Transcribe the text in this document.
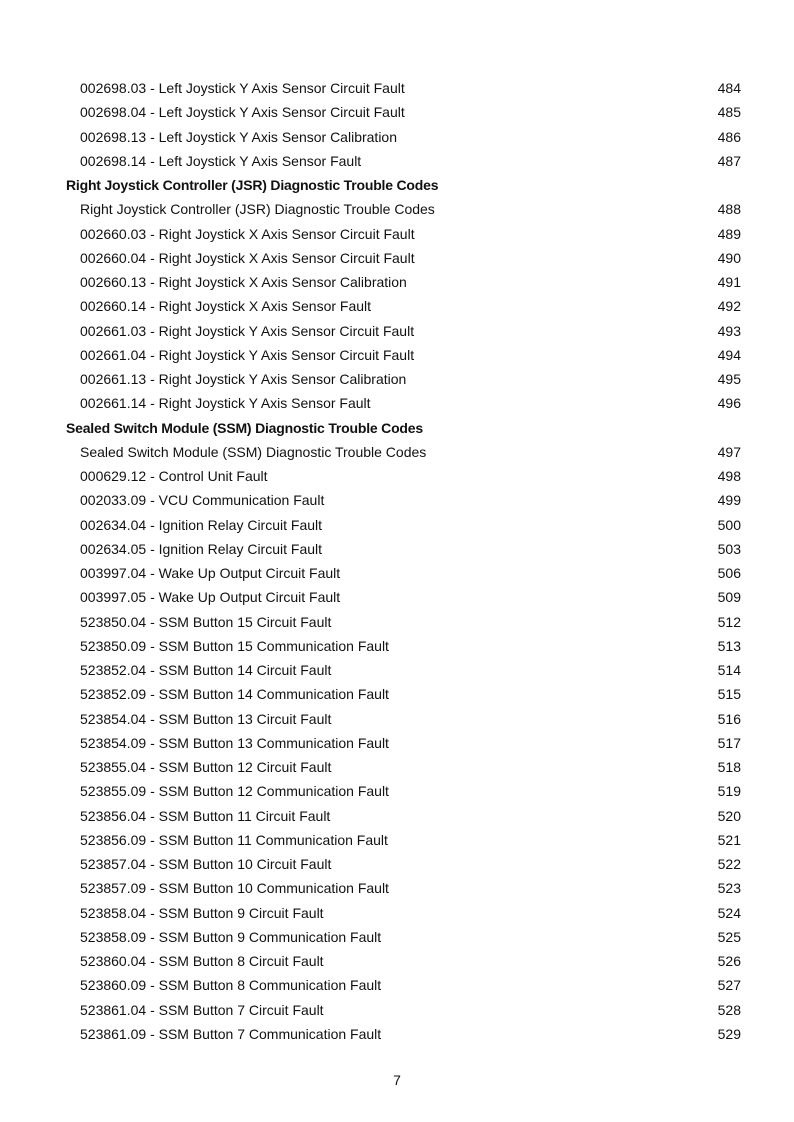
002698.03 - Left Joystick Y Axis Sensor Circuit Fault	484
002698.04 - Left Joystick Y Axis Sensor Circuit Fault	485
002698.13 - Left Joystick Y Axis Sensor Calibration	486
002698.14 - Left Joystick Y Axis Sensor Fault	487
Right Joystick Controller (JSR) Diagnostic Trouble Codes
Right Joystick Controller (JSR) Diagnostic Trouble Codes	488
002660.03 - Right Joystick X Axis Sensor Circuit Fault	489
002660.04 - Right Joystick X Axis Sensor Circuit Fault	490
002660.13 - Right Joystick X Axis Sensor Calibration	491
002660.14 - Right Joystick X Axis Sensor Fault	492
002661.03 - Right Joystick Y Axis Sensor Circuit Fault	493
002661.04 - Right Joystick Y Axis Sensor Circuit Fault	494
002661.13 - Right Joystick Y Axis Sensor Calibration	495
002661.14 - Right Joystick Y Axis Sensor Fault	496
Sealed Switch Module (SSM) Diagnostic Trouble Codes
Sealed Switch Module (SSM) Diagnostic Trouble Codes	497
000629.12 - Control Unit Fault	498
002033.09 - VCU Communication Fault	499
002634.04 - Ignition Relay Circuit Fault	500
002634.05 - Ignition Relay Circuit Fault	503
003997.04 - Wake Up Output Circuit Fault	506
003997.05 - Wake Up Output Circuit Fault	509
523850.04 - SSM Button 15 Circuit Fault	512
523850.09 - SSM Button 15 Communication Fault	513
523852.04 - SSM Button 14 Circuit Fault	514
523852.09 - SSM Button 14 Communication Fault	515
523854.04 - SSM Button 13 Circuit Fault	516
523854.09 - SSM Button 13 Communication Fault	517
523855.04 - SSM Button 12 Circuit Fault	518
523855.09 - SSM Button 12 Communication Fault	519
523856.04 - SSM Button 11 Circuit Fault	520
523856.09 - SSM Button 11 Communication Fault	521
523857.04 - SSM Button 10 Circuit Fault	522
523857.09 - SSM Button 10 Communication Fault	523
523858.04 - SSM Button 9 Circuit Fault	524
523858.09 - SSM Button 9 Communication Fault	525
523860.04 - SSM Button 8 Circuit Fault	526
523860.09 - SSM Button 8 Communication Fault	527
523861.04 - SSM Button 7 Circuit Fault	528
523861.09 - SSM Button 7 Communication Fault	529
7
